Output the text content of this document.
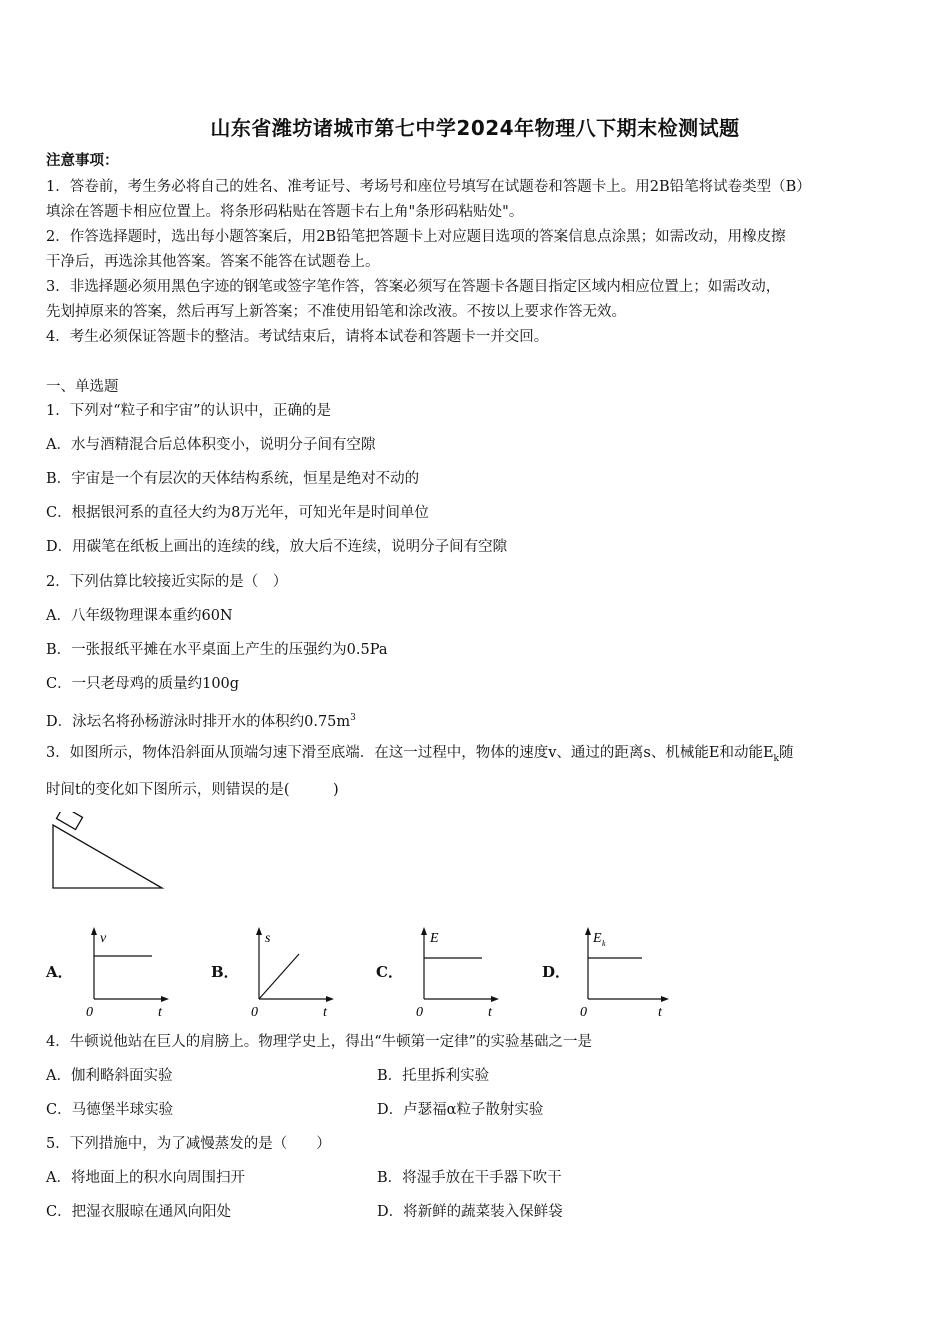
山东省潍坊诸城市第七中学2024年物理八下期末检测试题
注意事项：
1．答卷前，考生务必将自己的姓名、准考证号、考场号和座位号填写在试题卷和答题卡上。用2B铅笔将试卷类型（B）
填涂在答题卡相应位置上。将条形码粘贴在答题卡右上角"条形码粘贴处"。
2．作答选择题时，选出每小题答案后，用2B铅笔把答题卡上对应题目选项的答案信息点涂黑；如需改动，用橡皮擦
干净后，再选涂其他答案。答案不能答在试题卷上。
3．非选择题必须用黑色字迹的钢笔或签字笔作答，答案必须写在答题卡各题目指定区域内相应位置上；如需改动，
先划掉原来的答案，然后再写上新答案；不准使用铅笔和涂改液。不按以上要求作答无效。
4．考生必须保证答题卡的整洁。考试结束后，请将本试卷和答题卡一并交回。
一、单选题
1．下列对“粒子和宇宙”的认识中，正确的是
A．水与酒精混合后总体积变小，说明分子间有空隙
B．宇宙是一个有层次的天体结构系统，恒星是绝对不动的
C．根据银河系的直径大约为8万光年，可知光年是时间单位
D．用碳笔在纸板上画出的连续的线，放大后不连续，说明分子间有空隙
2．下列估算比较接近实际的是（　）
A．八年级物理课本重约60N
B．一张报纸平摊在水平桌面上产生的压强约为0.5Pa
C．一只老母鸡的质量约100g
D．泳坛名将孙杨游泳时排开水的体积约$0.75m^3$
3．如图所示，物体沿斜面从顶端匀速下滑至底端．在这一过程中，物体的速度v、通过的距离s、机械能E和动能$E_k$随
时间t的变化如下图所示，则错误的是(　　　)
A．	B．	C．	D．
v
t
0
s
t
0
E
t
0
E k
t
0
4．牛顿说他站在巨人的肩膀上。物理学史上，得出“牛顿第一定律”的实验基础之一是
A．伽利略斜面实验	B．托里拆利实验
C．马德堡半球实验	D．卢瑟福α粒子散射实验
5．下列措施中，为了减慢蒸发的是（　　）
A．将地面上的积水向周围扫开	B．将湿手放在干手器下吹干
C．把湿衣服晾在通风向阳处	D．将新鲜的蔬菜装入保鲜袋
